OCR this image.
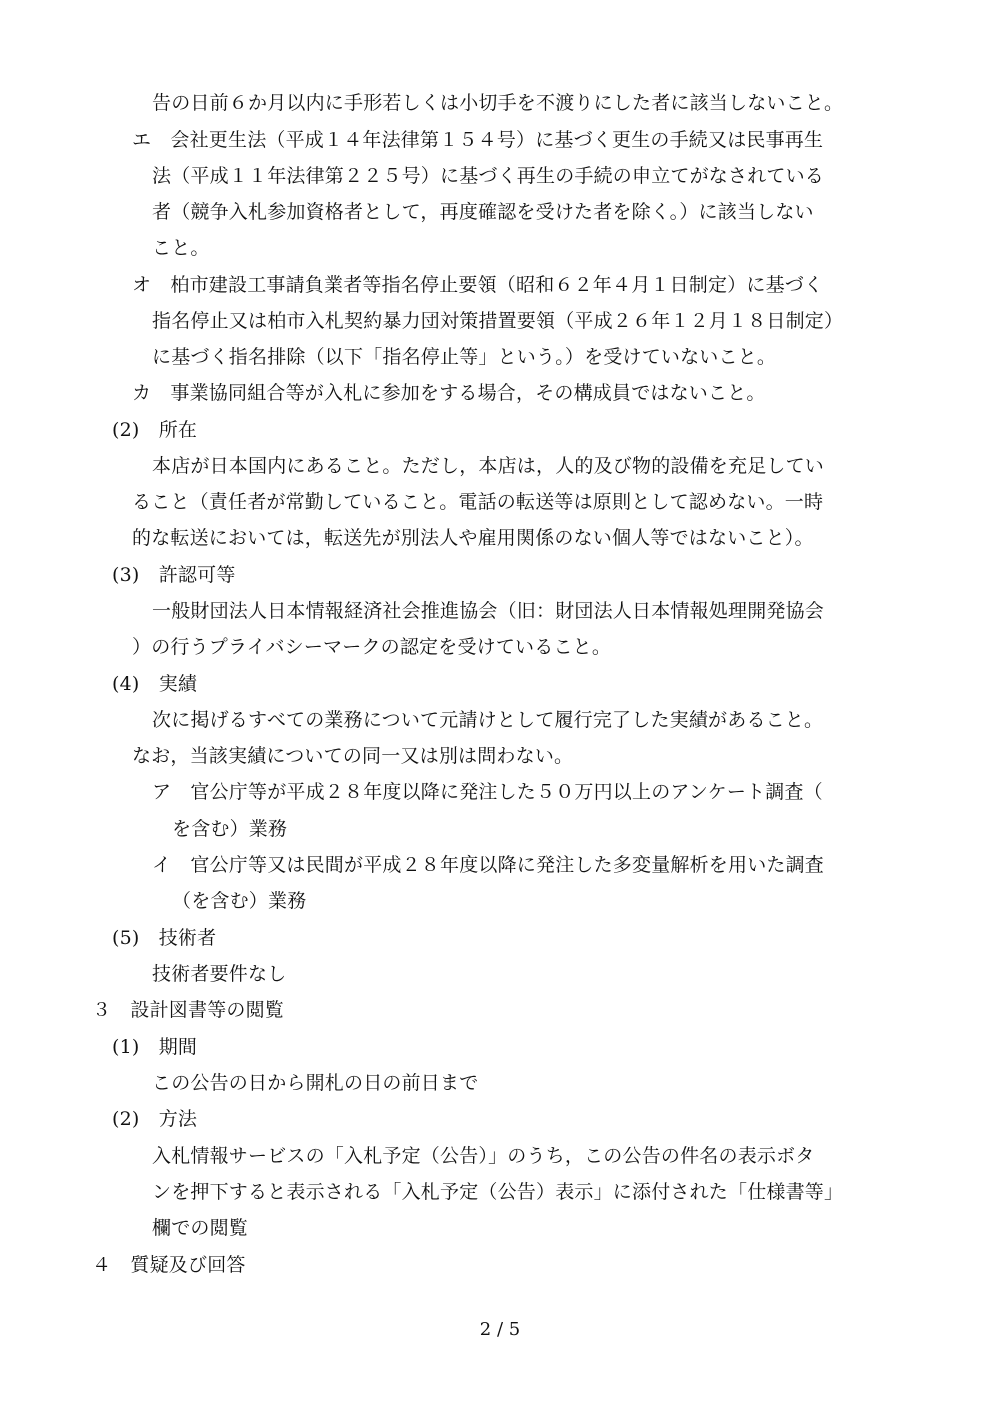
告の日前６か月以内に手形若しくは小切手を不渡りにした者に該当しないこと。
エ　会社更生法（平成１４年法律第１５４号）に基づく更生の手続又は民事再生
法（平成１１年法律第２２５号）に基づく再生の手続の申立てがなされている
者（競争入札参加資格者として，再度確認を受けた者を除く。）に該当しない
こと。
オ　柏市建設工事請負業者等指名停止要領（昭和６２年４月１日制定）に基づく
指名停止又は柏市入札契約暴力団対策措置要領（平成２６年１２月１８日制定）
に基づく指名排除（以下「指名停止等」という。）を受けていないこと。
カ　事業協同組合等が入札に参加をする場合，その構成員ではないこと。
(2)　所在
本店が日本国内にあること。ただし，本店は，人的及び物的設備を充足してい
ること（責任者が常勤していること。電話の転送等は原則として認めない。一時
的な転送においては，転送先が別法人や雇用関係のない個人等ではないこと）。
(3)　許認可等
一般財団法人日本情報経済社会推進協会（旧：財団法人日本情報処理開発協会
）の行うプライバシーマークの認定を受けていること。
(4)　実績
次に掲げるすべての業務について元請けとして履行完了した実績があること。
なお，当該実績についての同一又は別は問わない。
ア　官公庁等が平成２８年度以降に発注した５０万円以上のアンケート調査（
を含む）業務
イ　官公庁等又は民間が平成２８年度以降に発注した多変量解析を用いた調査
（を含む）業務
(5)　技術者
技術者要件なし
３　設計図書等の閲覧
(1)　期間
この公告の日から開札の日の前日まで
(2)　方法
入札情報サービスの「入札予定（公告）」のうち，この公告の件名の表示ボタ
ンを押下すると表示される「入札予定（公告）表示」に添付された「仕様書等」
欄での閲覧
４　質疑及び回答
2 / 5
